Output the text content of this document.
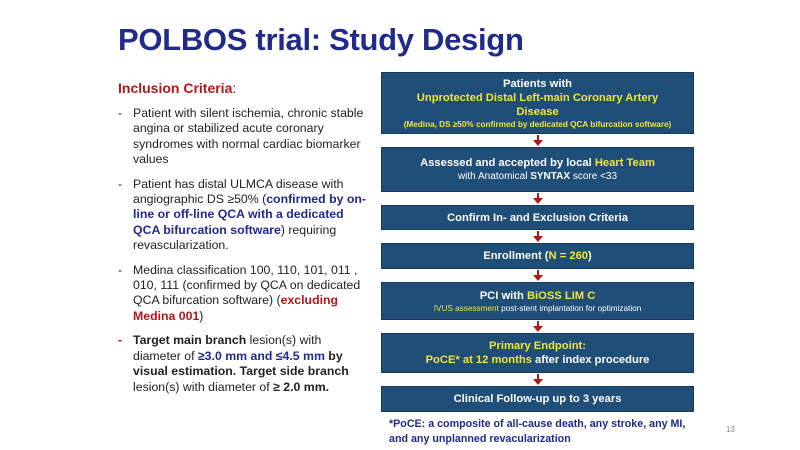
POLBOS trial: Study Design
Inclusion Criteria:
- Patient with silent ischemia, chronic stable angina or stabilized acute coronary syndromes with normal cardiac biomarker values
- Patient has distal ULMCA disease with angiographic DS ≥50% (confirmed by on-line or off-line QCA with a dedicated QCA bifurcation software) requiring revascularization.
- Medina classification 100, 110, 101, 011 , 010, 111 (confirmed by QCA on dedicated QCA bifurcation software) (excluding Medina 001)
- Target main branch lesion(s) with diameter of ≥3.0 mm and ≤4.5 mm by visual estimation. Target side branch lesion(s) with diameter of ≥ 2.0 mm.
Patients with
Unprotected Distal Left-main Coronary Artery Disease
(Medina, DS ≥50% confirmed by dedicated QCA bifurcation software)
Assessed and accepted by local Heart Team
with Anatomical SYNTAX score <33
Confirm In- and Exclusion Criteria
Enrollment (N = 260)
PCI with BiOSS LIM C
IVUS assessment post-stent implantation for optimization
Primary Endpoint:
PoCE* at 12 months after index procedure
Clinical Follow-up up to 3 years
*PoCE: a composite of all-cause death, any stroke, any MI, and any unplanned revacularization
13
